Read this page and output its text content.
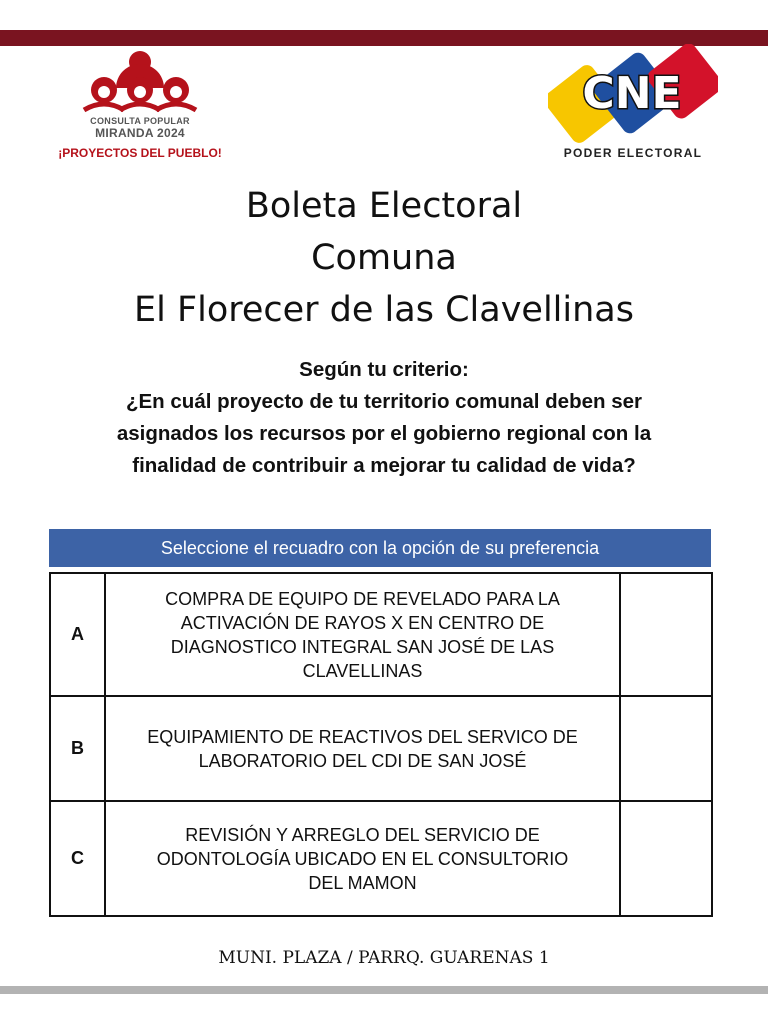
CONSULTA POPULAR
MIRANDA 2024
¡PROYECTOS DEL PUEBLO!
CNE
PODER ELECTORAL
Boleta Electoral
Comuna
El Florecer de las Clavellinas
Según tu criterio:
¿En cuál proyecto de tu territorio comunal deben ser
asignados los recursos por el gobierno regional con la
finalidad de contribuir a mejorar tu calidad de vida?
Seleccione el recuadro con la opción de su preferencia
A	COMPRA DE EQUIPO DE REVELADO PARA LA
ACTIVACIÓN DE RAYOS X EN CENTRO DE
DIAGNOSTICO INTEGRAL SAN JOSÉ DE LAS
CLAVELLINAS	

B	EQUIPAMIENTO DE REACTIVOS DEL SERVICO DE
LABORATORIO DEL CDI DE SAN JOSÉ	

C	REVISIÓN Y ARREGLO DEL SERVICIO DE
ODONTOLOGÍA UBICADO EN EL CONSULTORIO
DEL MAMON	

MUNI. PLAZA / PARRQ. GUARENAS 1
